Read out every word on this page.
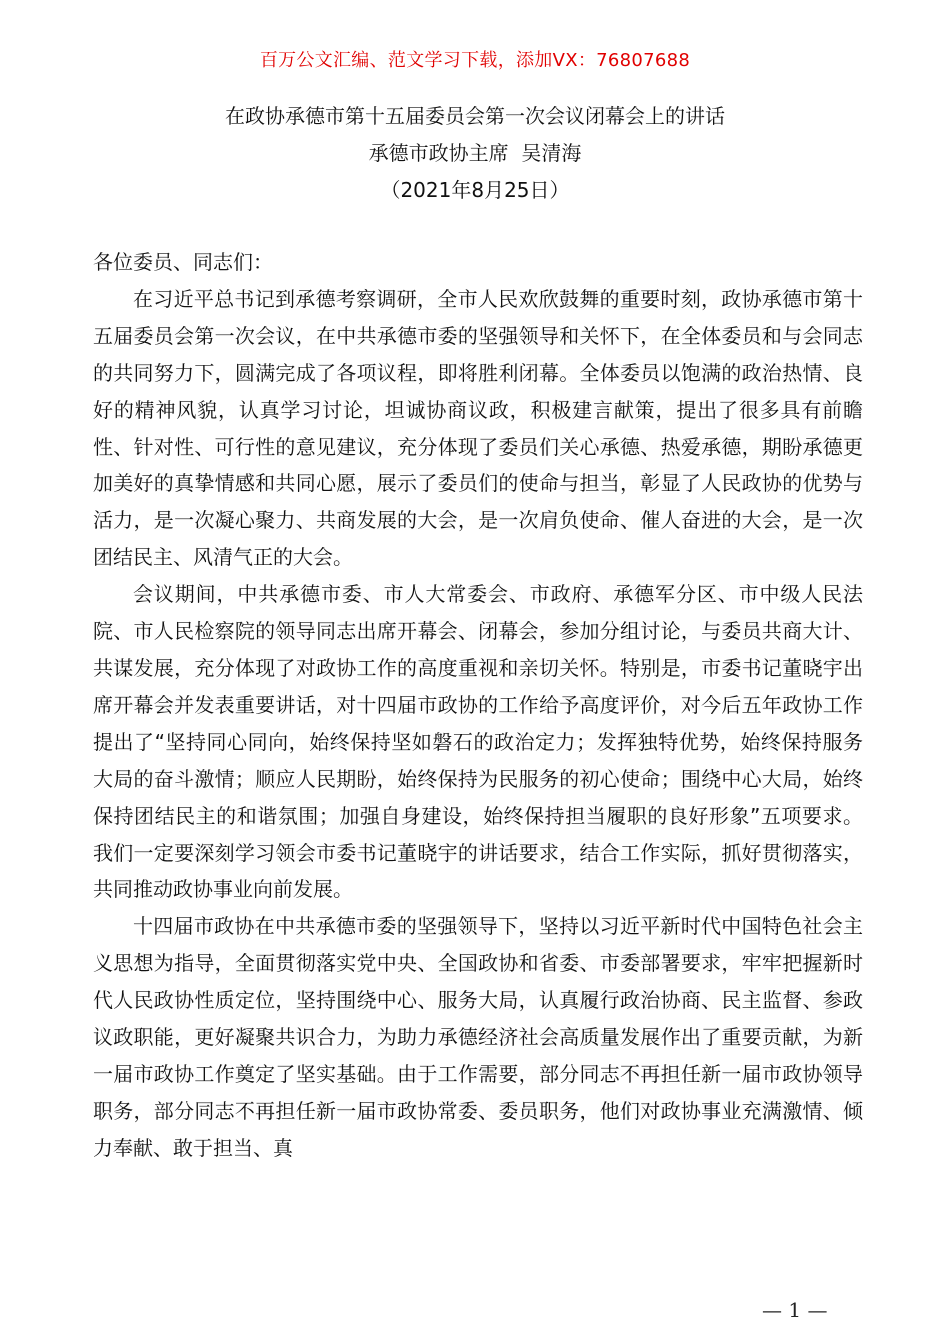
百万公文汇编、范文学习下载，添加VX：76807688
在政协承德市第十五届委员会第一次会议闭幕会上的讲话
承德市政协主席  吴清海
（2021年8月25日）

各位委员、同志们：

在习近平总书记到承德考察调研，全市人民欢欣鼓舞的重要时刻，政协承德市第十五届委员会第一次会议，在中共承德市委的坚强领导和关怀下，在全体委员和与会同志的共同努力下，圆满完成了各项议程，即将胜利闭幕。全体委员以饱满的政治热情、良好的精神风貌，认真学习讨论，坦诚协商议政，积极建言献策，提出了很多具有前瞻性、针对性、可行性的意见建议，充分体现了委员们关心承德、热爱承德，期盼承德更加美好的真挚情感和共同心愿，展示了委员们的使命与担当，彰显了人民政协的优势与活力，是一次凝心聚力、共商发展的大会，是一次肩负使命、催人奋进的大会，是一次团结民主、风清气正的大会。

会议期间，中共承德市委、市人大常委会、市政府、承德军分区、市中级人民法院、市人民检察院的领导同志出席开幕会、闭幕会，参加分组讨论，与委员共商大计、共谋发展，充分体现了对政协工作的高度重视和亲切关怀。特别是，市委书记董晓宇出席开幕会并发表重要讲话，对十四届市政协的工作给予高度评价，对今后五年政协工作提出了“坚持同心同向，始终保持坚如磐石的政治定力；发挥独特优势，始终保持服务大局的奋斗激情；顺应人民期盼，始终保持为民服务的初心使命；围绕中心大局，始终保持团结民主的和谐氛围；加强自身建设，始终保持担当履职的良好形象”五项要求。我们一定要深刻学习领会市委书记董晓宇的讲话要求，结合工作实际，抓好贯彻落实，共同推动政协事业向前发展。

十四届市政协在中共承德市委的坚强领导下，坚持以习近平新时代中国特色社会主义思想为指导，全面贯彻落实党中央、全国政协和省委、市委部署要求，牢牢把握新时代人民政协性质定位，坚持围绕中心、服务大局，认真履行政治协商、民主监督、参政议政职能，更好凝聚共识合力，为助力承德经济社会高质量发展作出了重要贡献，为新一届市政协工作奠定了坚实基础。由于工作需要，部分同志不再担任新一届市政协领导职务，部分同志不再担任新一届市政协常委、委员职务，他们对政协事业充满激情、倾力奉献、敢于担当、真

— 1 —
